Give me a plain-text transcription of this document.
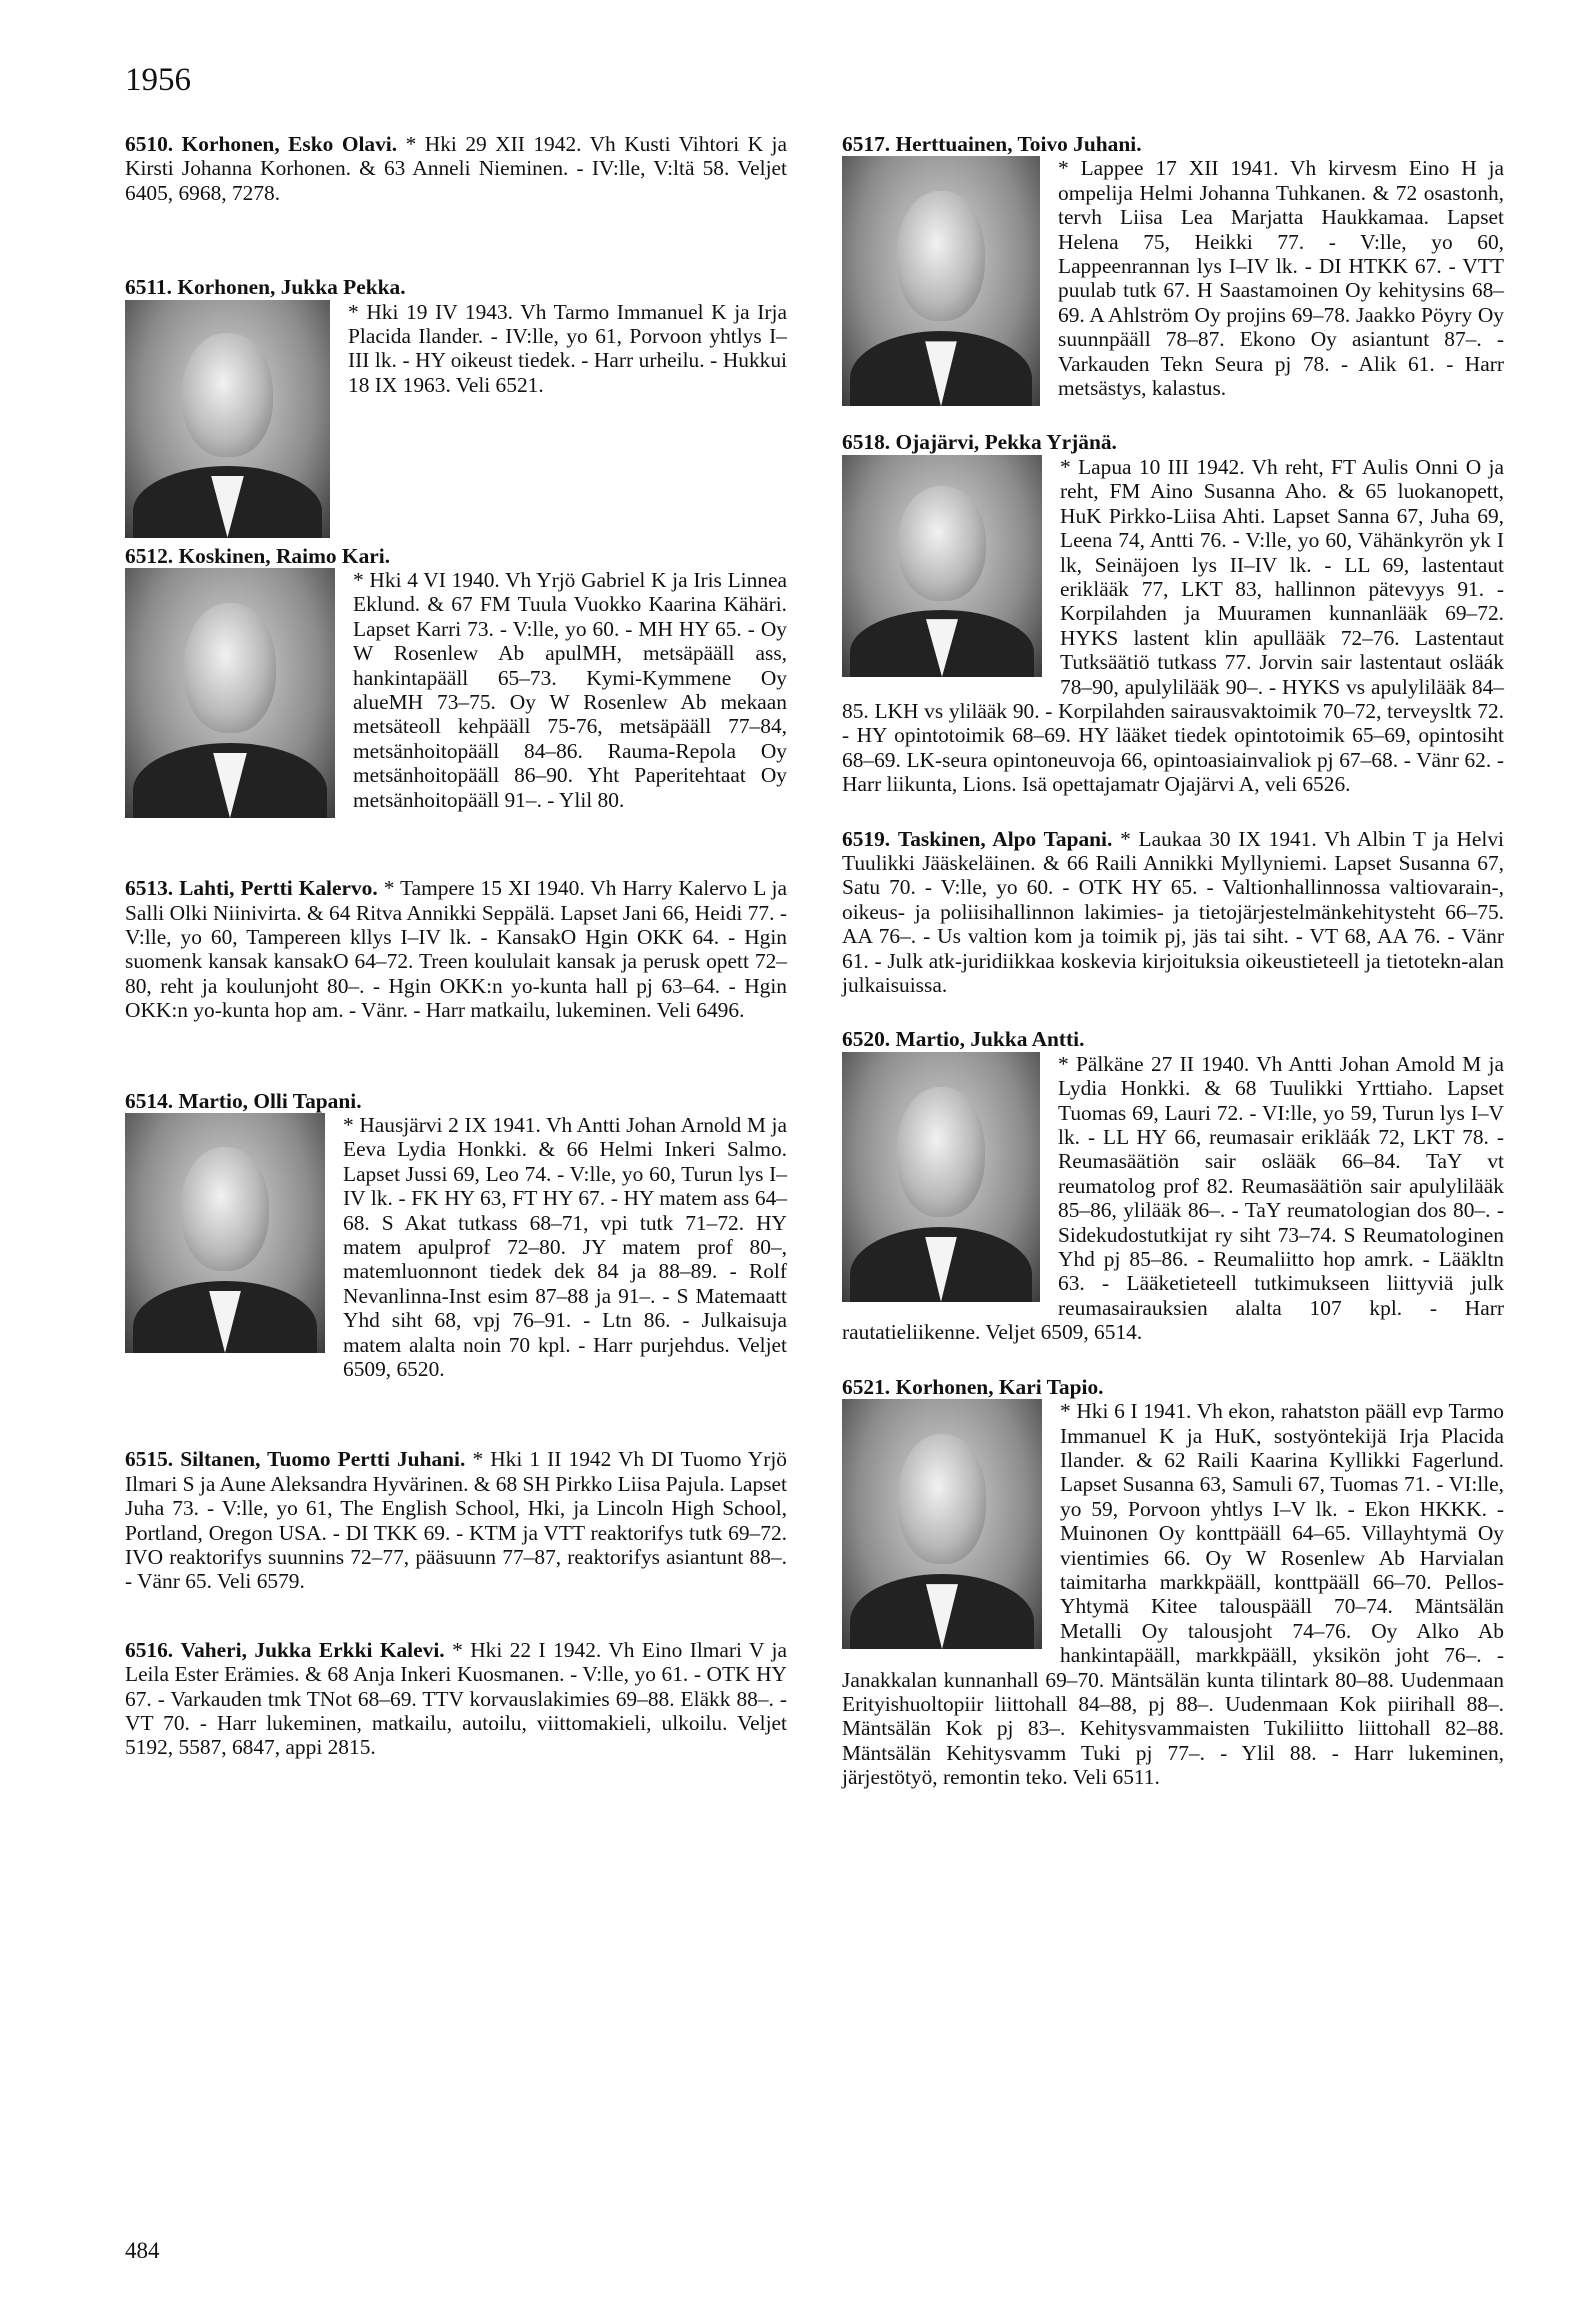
1956

6510. Korhonen, Esko Olavi. * Hki 29 XII 1942. Vh Kusti Vihtori K ja Kirsti Johanna Korhonen. & 63 Anneli Nieminen. - IV:lle, V:ltä 58. Veljet 6405, 6968, 7278.

6511. Korhonen, Jukka Pekka.

* Hki 19 IV 1943. Vh Tarmo Immanuel K ja Irja Placida Ilander. - IV:lle, yo 61, Porvoon yhtlys I–III lk. - HY oikeust tiedek. - Harr urheilu. - Hukkui 18 IX 1963. Veli 6521.

6512. Koskinen, Raimo Kari.

* Hki 4 VI 1940. Vh Yrjö Gabriel K ja Iris Linnea Eklund. & 67 FM Tuula Vuokko Kaarina Kähäri. Lapset Karri 73. - V:lle, yo 60. - MH HY 65. - Oy W Rosenlew Ab apulMH, metsäpääll ass, hankintapääll 65–73. Kymi-Kymmene Oy alueMH 73–75. Oy W Rosenlew Ab mekaan metsäteoll kehpääll 75-76, metsäpääll 77–84, metsänhoitopääll 84–86. Rauma-Repola Oy metsänhoitopääll 86–90. Yht Paperitehtaat Oy metsänhoitopääll 91–. - Ylil 80.

6513. Lahti, Pertti Kalervo. * Tampere 15 XI 1940. Vh Harry Kalervo L ja Salli Olki Niinivirta. & 64 Ritva Annikki Seppälä. Lapset Jani 66, Heidi 77. - V:lle, yo 60, Tampereen kllys I–IV lk. - KansakO Hgin OKK 64. - Hgin suomenk kansak kansakO 64–72. Treen koululait kansak ja perusk opett 72–80, reht ja koulunjoht 80–. - Hgin OKK:n yo-kunta hall pj 63–64. - Hgin OKK:n yo-kunta hop am. - Vänr. - Harr matkailu, lukeminen. Veli 6496.

6514. Martio, Olli Tapani.

* Hausjärvi 2 IX 1941. Vh Antti Johan Arnold M ja Eeva Lydia Honkki. & 66 Helmi Inkeri Salmo. Lapset Jussi 69, Leo 74. - V:lle, yo 60, Turun lys I–IV lk. - FK HY 63, FT HY 67. - HY matem ass 64–68. S Akat tutkass 68–71, vpi tutk 71–72. HY matem apulprof 72–80. JY matem prof 80–, matemluonnont tiedek dek 84 ja 88–89. - Rolf Nevanlinna-Inst esim 87–88 ja 91–. - S Matemaatt Yhd siht 68, vpj 76–91. - Ltn 86. - Julkaisuja matem alalta noin 70 kpl. - Harr purjehdus. Veljet 6509, 6520.

6515. Siltanen, Tuomo Pertti Juhani. * Hki 1 II 1942 Vh DI Tuomo Yrjö Ilmari S ja Aune Aleksandra Hyvärinen. & 68 SH Pirkko Liisa Pajula. Lapset Juha 73. - V:lle, yo 61, The English School, Hki, ja Lincoln High School, Portland, Oregon USA. - DI TKK 69. - KTM ja VTT reaktorifys tutk 69–72. IVO reaktorifys suunnins 72–77, pääsuunn 77–87, reaktorifys asiantunt 88–. - Vänr 65. Veli 6579.

6516. Vaheri, Jukka Erkki Kalevi. * Hki 22 I 1942. Vh Eino Ilmari V ja Leila Ester Erämies. & 68 Anja Inkeri Kuosmanen. - V:lle, yo 61. - OTK HY 67. - Varkauden tmk TNot 68–69. TTV korvauslakimies 69–88. Eläkk 88–. - VT 70. - Harr lukeminen, matkailu, autoilu, viittomakieli, ulkoilu. Veljet 5192, 5587, 6847, appi 2815.

6517. Herttuainen, Toivo Juhani.

* Lappee 17 XII 1941. Vh kirvesm Eino H ja ompelija Helmi Johanna Tuhkanen. & 72 osastonh, tervh Liisa Lea Marjatta Haukkamaa. Lapset Helena 75, Heikki 77. - V:lle, yo 60, Lappeenrannan lys I–IV lk. - DI HTKK 67. - VTT puulab tutk 67. H Saastamoinen Oy kehitysins 68–69. A Ahlström Oy projins 69–78. Jaakko Pöyry Oy suunnpääll 78–87. Ekono Oy asiantunt 87–. - Varkauden Tekn Seura pj 78. - Alik 61. - Harr metsästys, kalastus.

6518. Ojajärvi, Pekka Yrjänä.

* Lapua 10 III 1942. Vh reht, FT Aulis Onni O ja reht, FM Aino Susanna Aho. & 65 luokanopett, HuK Pirkko-Liisa Ahti. Lapset Sanna 67, Juha 69, Leena 74, Antti 76. - V:lle, yo 60, Vähänkyrön yk I lk, Seinäjoen lys II–IV lk. - LL 69, lastentaut eriklääk 77, LKT 83, hallinnon pätevyys 91. - Korpilahden ja Muuramen kunnanlääk 69–72. HYKS lastent klin apullääk 72–76. Lastentaut Tutksäätiö tutkass 77. Jorvin sair lastentaut osläák 78–90, apulylilääk 90–. - HYKS vs apulylilääk 84–85. LKH vs ylilääk 90. - Korpilahden sairausvaktoimik 70–72, terveysltk 72. - HY opintotoimik 68–69. HY lääket tiedek opintotoimik 65–69, opintosiht 68–69. LK-seura opintoneuvoja 66, opintoasiainvaliok pj 67–68. - Vänr 62. - Harr liikunta, Lions. Isä opettajamatr Ojajärvi A, veli 6526.

6519. Taskinen, Alpo Tapani. * Laukaa 30 IX 1941. Vh Albin T ja Helvi Tuulikki Jääskeläinen. & 66 Raili Annikki Myllyniemi. Lapset Susanna 67, Satu 70. - V:lle, yo 60. - OTK HY 65. - Valtionhallinnossa valtiovarain-, oikeus- ja poliisihallinnon lakimies- ja tietojärjestelmänkehitysteht 66–75. AA 76–. - Us valtion kom ja toimik pj, jäs tai siht. - VT 68, AA 76. - Vänr 61. - Julk atk-juridiikkaa koskevia kirjoituksia oikeustieteell ja tietotekn-alan julkaisuissa.

6520. Martio, Jukka Antti.

* Pälkäne 27 II 1940. Vh Antti Johan Amold M ja Lydia Honkki. & 68 Tuulikki Yrttiaho. Lapset Tuomas 69, Lauri 72. - VI:lle, yo 59, Turun lys I–V lk. - LL HY 66, reumasair erikläák 72, LKT 78. - Reumasäätiön sair oslääk 66–84. TaY vt reumatolog prof 82. Reumasäätiön sair apulylilääk 85–86, ylilääk 86–. - TaY reumatologian dos 80–. - Sidekudostutkijat ry siht 73–74. S Reumatologinen Yhd pj 85–86. - Reumaliitto hop amrk. - Lääkltn 63. - Lääketieteell tutkimukseen liittyviä julk reumasairauksien alalta 107 kpl. - Harr rautatieliikenne. Veljet 6509, 6514.

6521. Korhonen, Kari Tapio.

* Hki 6 I 1941. Vh ekon, rahatston pääll evp Tarmo Immanuel K ja HuK, sostyöntekijä Irja Placida Ilander. & 62 Raili Kaarina Kyllikki Fagerlund. Lapset Susanna 63, Samuli 67, Tuomas 71. - VI:lle, yo 59, Porvoon yhtlys I–V lk. - Ekon HKKK. - Muinonen Oy konttpääll 64–65. Villayhtymä Oy vientimies 66. Oy W Rosenlew Ab Harvialan taimitarha markkpääll, konttpääll 66–70. Pellos-Yhtymä Kitee talouspääll 70–74. Mäntsälän Metalli Oy talousjoht 74–76. Oy Alko Ab hankintapääll, markkpääll, yksikön joht 76–. - Janakkalan kunnanhall 69–70. Mäntsälän kunta tilintark 80–88. Uudenmaan Erityishuoltopiir liittohall 84–88, pj 88–. Uudenmaan Kok piirihall 88–. Mäntsälän Kok pj 83–. Kehitysvammaisten Tukiliitto liittohall 82–88. Mäntsälän Kehitysvamm Tuki pj 77–. - Ylil 88. - Harr lukeminen, järjestötyö, remontin teko. Veli 6511.

484
